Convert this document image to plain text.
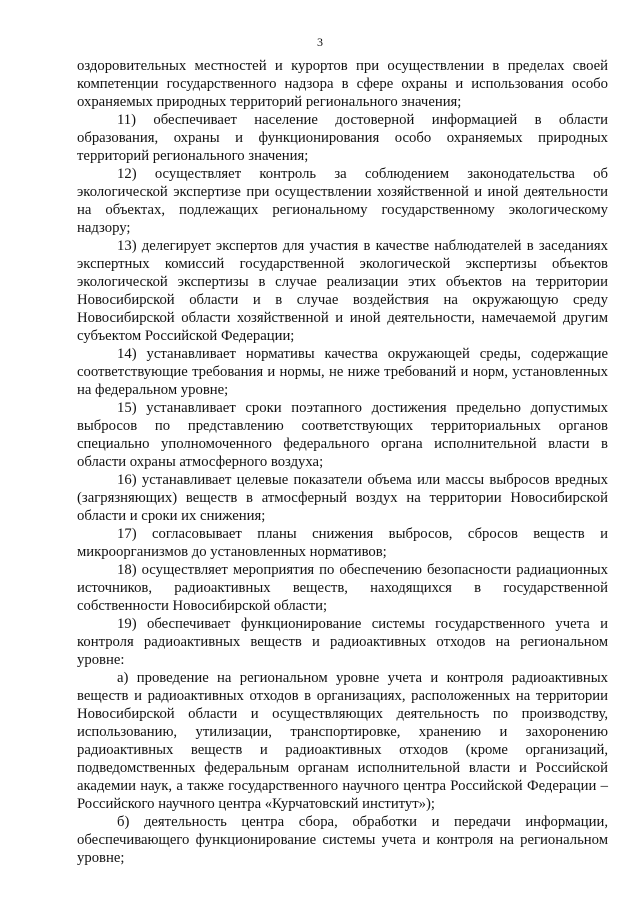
3

оздоровительных местностей и курортов при осуществлении в пределах своей компетенции государственного надзора в сфере охраны и использования особо охраняемых природных территорий регионального значения;

11) обеспечивает население достоверной информацией в области образования, охраны и функционирования особо охраняемых природных территорий регионального значения;

12) осуществляет контроль за соблюдением законодательства об экологической экспертизе при осуществлении хозяйственной и иной деятельности на объектах, подлежащих региональному государственному экологическому надзору;

13) делегирует экспертов для участия в качестве наблюдателей в заседаниях экспертных комиссий государственной экологической экспертизы объектов экологической экспертизы в случае реализации этих объектов на территории Новосибирской области и в случае воздействия на окружающую среду Новосибирской области хозяйственной и иной деятельности, намечаемой другим субъектом Российской Федерации;

14) устанавливает нормативы качества окружающей среды, содержащие соответствующие требования и нормы, не ниже требований и норм, установленных на федеральном уровне;

15) устанавливает сроки поэтапного достижения предельно допустимых выбросов по представлению соответствующих территориальных органов специально уполномоченного федерального органа исполнительной власти в области охраны атмосферного воздуха;

16) устанавливает целевые показатели объема или массы выбросов вредных (загрязняющих) веществ в атмосферный воздух на территории Новосибирской области и сроки их снижения;

17) согласовывает планы снижения выбросов, сбросов веществ и микроорганизмов до установленных нормативов;

18) осуществляет мероприятия по обеспечению безопасности радиационных источников, радиоактивных веществ, находящихся в государственной собственности Новосибирской области;

19) обеспечивает функционирование системы государственного учета и контроля радиоактивных веществ и радиоактивных отходов на региональном уровне:

а) проведение на региональном уровне учета и контроля радиоактивных веществ и радиоактивных отходов в организациях, расположенных на территории Новосибирской области и осуществляющих деятельность по производству, использованию, утилизации, транспортировке, хранению и захоронению радиоактивных веществ и радиоактивных отходов (кроме организаций, подведомственных федеральным органам исполнительной власти и Российской академии наук, а также государственного научного центра Российской Федерации – Российского научного центра «Курчатовский институт»);

б) деятельность центра сбора, обработки и передачи информации, обеспечивающего функционирование системы учета и контроля на региональном уровне;
